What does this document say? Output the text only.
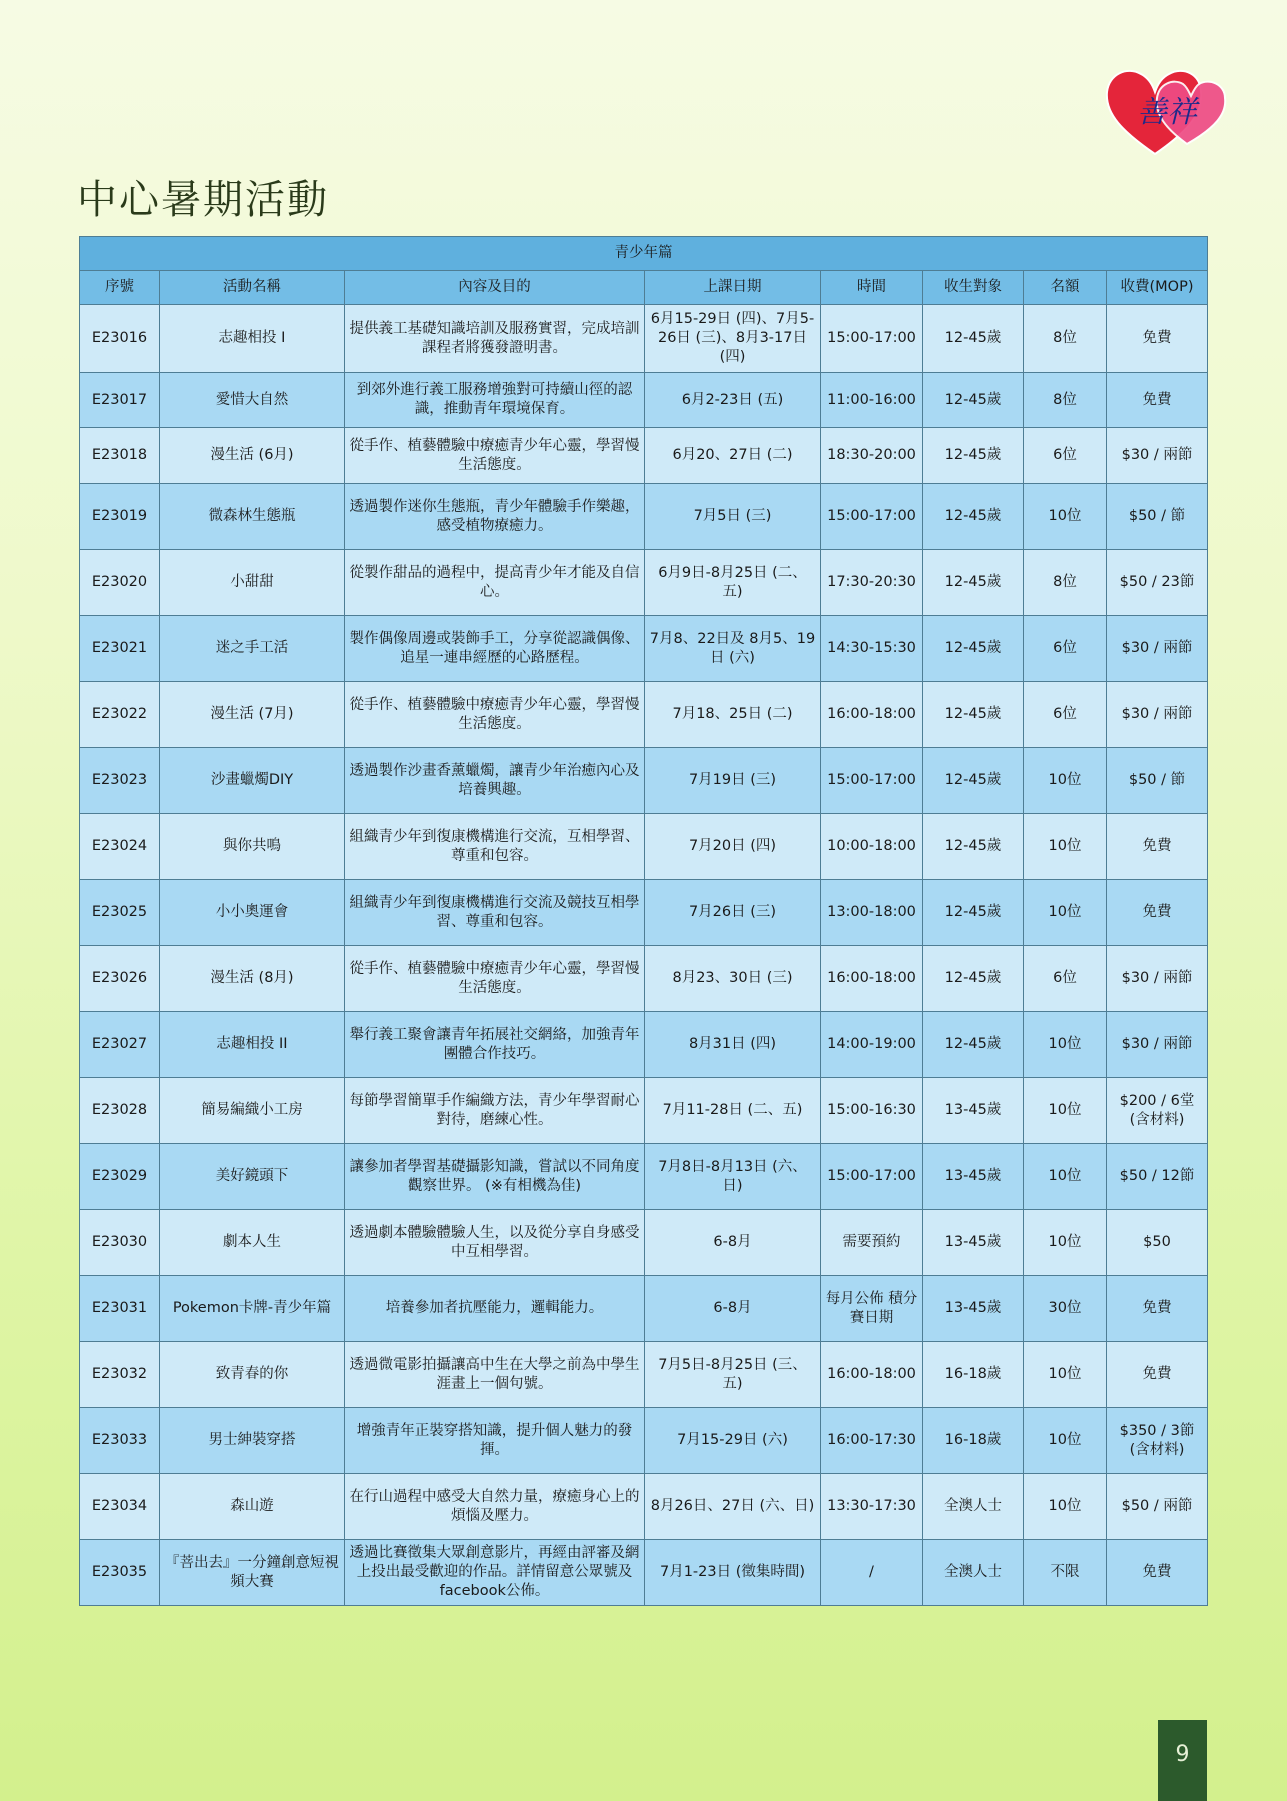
善祥
中心暑期活動
青少年篇							
序號	活動名稱	內容及目的	上課日期	時間	收生對象	名額	收費(MOP)
E23016	志趣相投 I	提供義工基礎知識培訓及服務實習，完成培訓課程者將獲發證明書。	6月15-29日 (四)、7月5-26日 (三)、8月3-17日 (四)	15:00-17:00	12-45歲	8位	免費
E23017	愛惜大自然	到郊外進行義工服務增強對可持續山徑的認識，推動青年環境保育。	6月2-23日 (五)	11:00-16:00	12-45歲	8位	免費
E23018	漫生活 (6月)	從手作、植藝體驗中療癒青少年心靈，學習慢生活態度。	6月20、27日 (二)	18:30-20:00	12-45歲	6位	$30 / 兩節
E23019	微森林生態瓶	透過製作迷你生態瓶，青少年體驗手作樂趣，感受植物療癒力。	7月5日 (三)	15:00-17:00	12-45歲	10位	$50 / 節
E23020	小甜甜	從製作甜品的過程中，提高青少年才能及自信心。	6月9日-8月25日 (二、五)	17:30-20:30	12-45歲	8位	$50 / 23節
E23021	迷之手工活	製作偶像周邊或裝飾手工，分享從認識偶像、追星一連串經歷的心路歷程。	7月8、22日及 8月5、19日 (六)	14:30-15:30	12-45歲	6位	$30 / 兩節
E23022	漫生活 (7月)	從手作、植藝體驗中療癒青少年心靈，學習慢生活態度。	7月18、25日 (二)	16:00-18:00	12-45歲	6位	$30 / 兩節
E23023	沙畫蠟燭DIY	透過製作沙畫香薰蠟燭，讓青少年治癒內心及培養興趣。	7月19日 (三)	15:00-17:00	12-45歲	10位	$50 / 節
E23024	與你共鳴	組織青少年到復康機構進行交流，互相學習、尊重和包容。	7月20日 (四)	10:00-18:00	12-45歲	10位	免費
E23025	小小奧運會	組織青少年到復康機構進行交流及競技互相學習、尊重和包容。	7月26日 (三)	13:00-18:00	12-45歲	10位	免費
E23026	漫生活 (8月)	從手作、植藝體驗中療癒青少年心靈，學習慢生活態度。	8月23、30日 (三)	16:00-18:00	12-45歲	6位	$30 / 兩節
E23027	志趣相投 II	舉行義工聚會讓青年拓展社交網絡，加強青年團體合作技巧。	8月31日 (四)	14:00-19:00	12-45歲	10位	$30 / 兩節
E23028	簡易編織小工房	每節學習簡單手作編織方法，青少年學習耐心對待，磨練心性。	7月11-28日 (二、五)	15:00-16:30	13-45歲	10位	$200 / 6堂 (含材料)
E23029	美好鏡頭下	讓參加者學習基礎攝影知識，嘗試以不同角度觀察世界。 (※有相機為佳)	7月8日-8月13日 (六、日)	15:00-17:00	13-45歲	10位	$50 / 12節
E23030	劇本人生	透過劇本體驗體驗人生，以及從分享自身感受中互相學習。	6-8月	需要預約	13-45歲	10位	$50
E23031	Pokemon卡牌-青少年篇	培養參加者抗壓能力，邏輯能力。	6-8月	每月公佈 積分賽日期	13-45歲	30位	免費
E23032	致青春的你	透過微電影拍攝讓高中生在大學之前為中學生涯畫上一個句號。	7月5日-8月25日 (三、五)	16:00-18:00	16-18歲	10位	免費
E23033	男士紳裝穿搭	增強青年正裝穿搭知識，提升個人魅力的發揮。	7月15-29日 (六)	16:00-17:30	16-18歲	10位	$350 / 3節 (含材料)
E23034	森山遊	在行山過程中感受大自然力量，療癒身心上的煩惱及壓力。	8月26日、27日 (六、日)	13:30-17:30	全澳人士	10位	$50 / 兩節
E23035	『菩出去』一分鐘創意短視頻大賽	透過比賽徵集大眾創意影片，再經由評審及網上投出最受歡迎的作品。詳情留意公眾號及facebook公佈。	7月1-23日 (徵集時間)	/	全澳人士	不限	免費
9
